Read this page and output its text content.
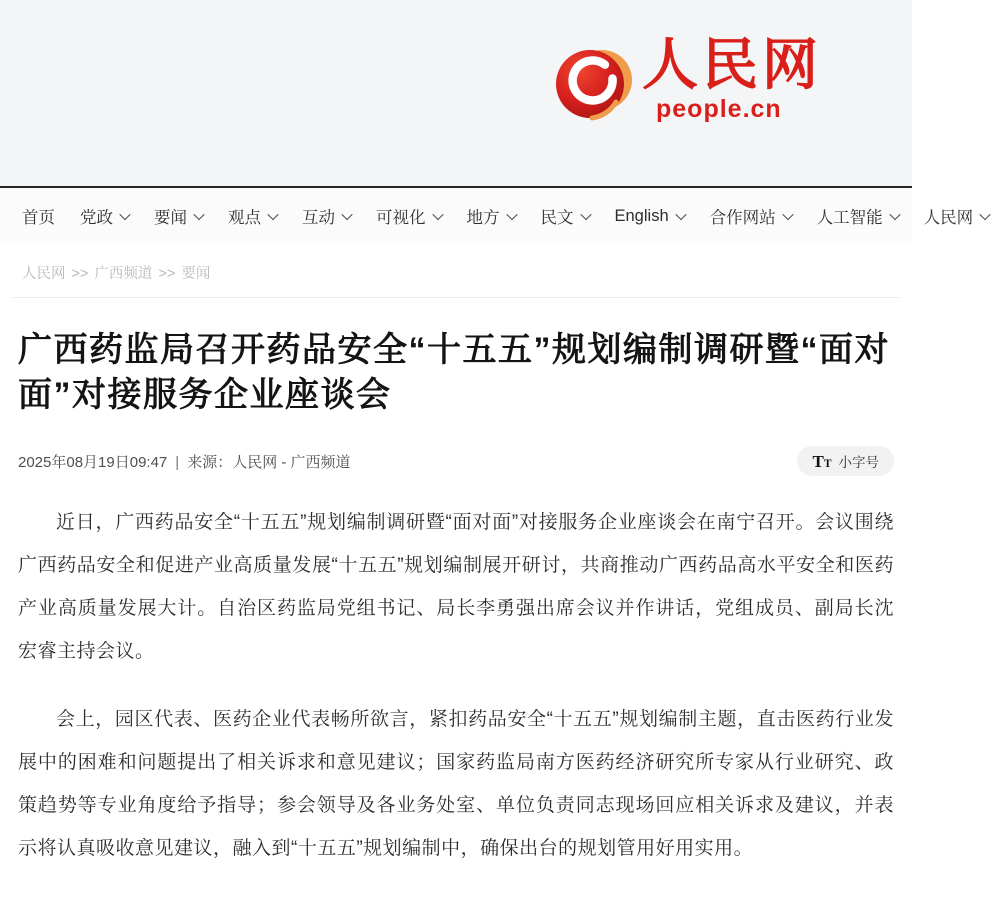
人民网
people.cn
首页 党政 要闻 观点 互动 可视化 地方 民文 English 合作网站 人工智能 人民网
人民网 >> 广西频道 >> 要闻
广西药监局召开药品安全“十五五”规划编制调研暨“面对面”对接服务企业座谈会
2025年08月19日09:47 | 来源：人民网 - 广西频道	T T 小字号

近日，广西药品安全“十五五”规划编制调研暨“面对面”对接服务企业座谈会在南宁召开。会议围绕广西药品安全和促进产业高质量发展“十五五”规划编制展开研讨，共商推动广西药品高水平安全和医药产业高质量发展大计。自治区药监局党组书记、局长李勇强出席会议并作讲话，党组成员、副局长沈宏睿主持会议。

会上，园区代表、医药企业代表畅所欲言，紧扣药品安全“十五五”规划编制主题，直击医药行业发展中的困难和问题提出了相关诉求和意见建议；国家药监局南方医药经济研究所专家从行业研究、政策趋势等专业角度给予指导；参会领导及各业务处室、单位负责同志现场回应相关诉求及建议，并表示将认真吸收意见建议，融入到“十五五”规划编制中，确保出台的规划管用好用实用。
